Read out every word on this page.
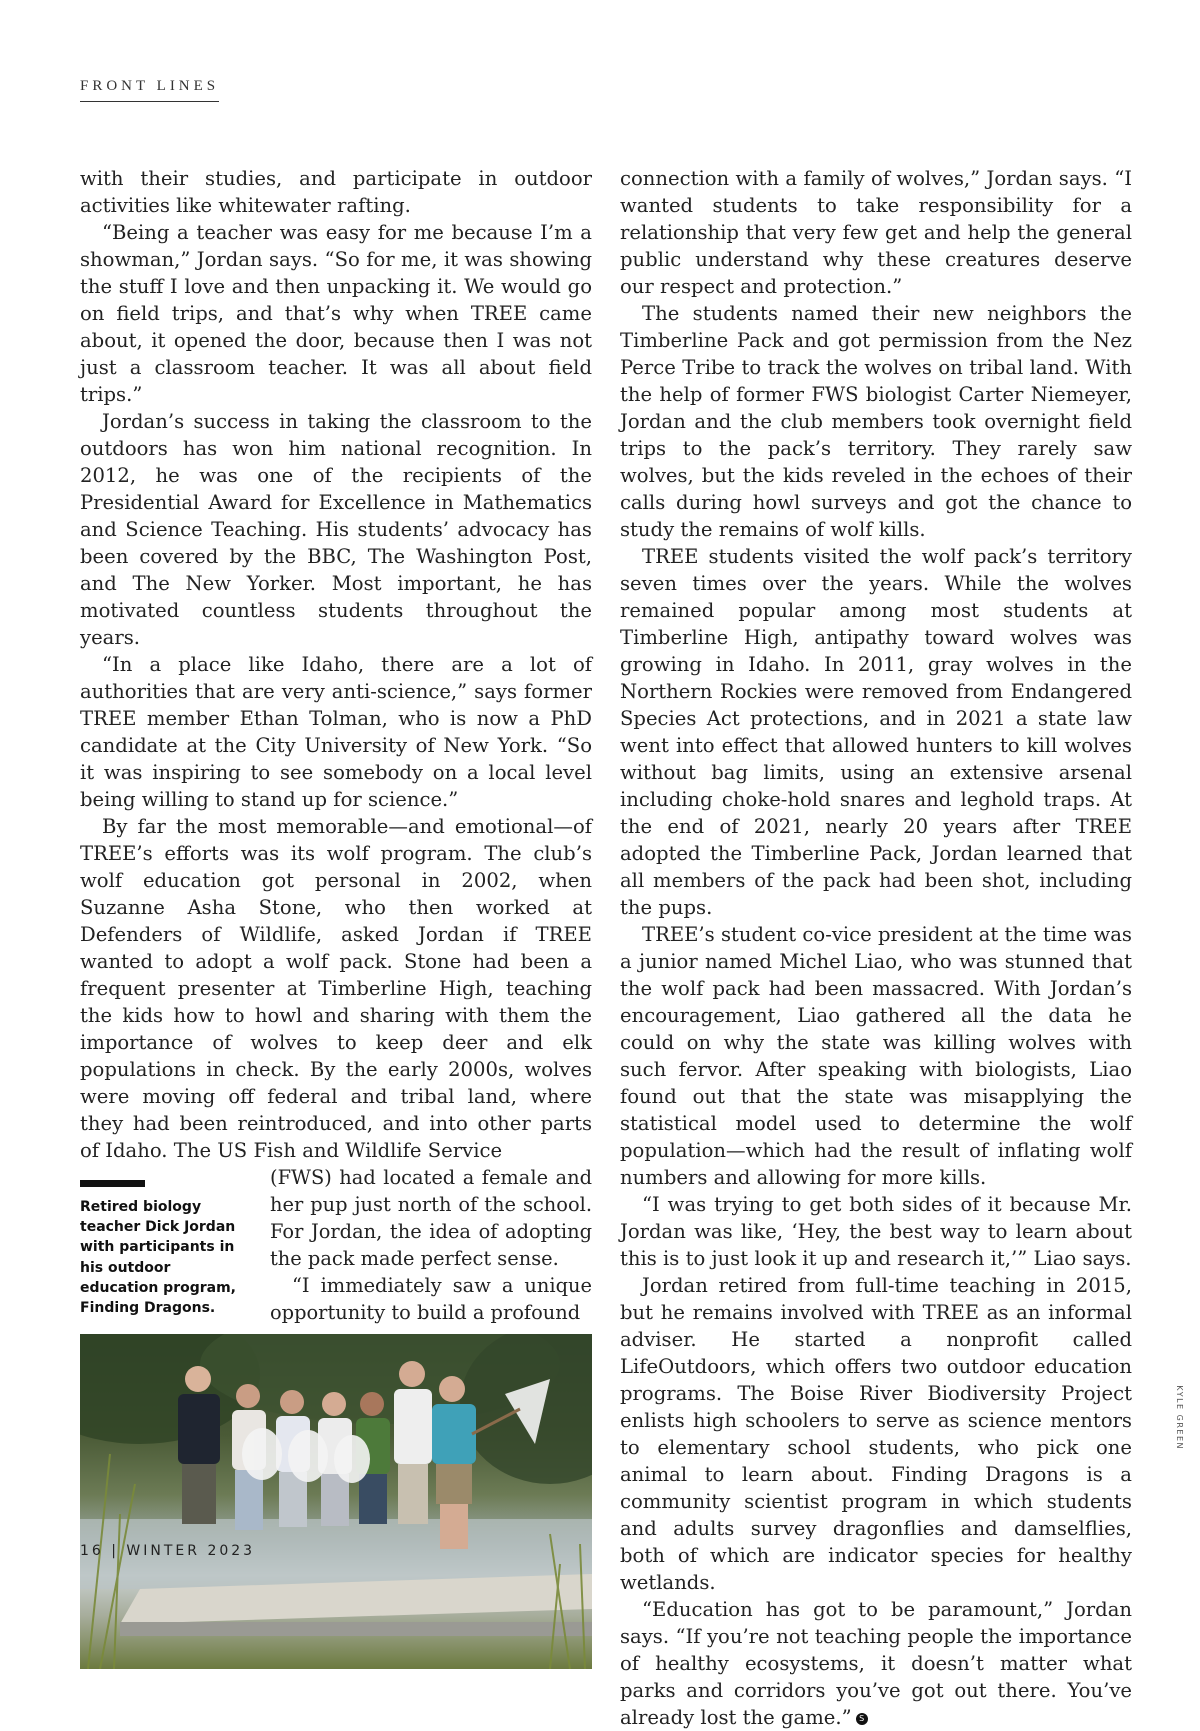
FRONT LINES

with their studies, and participate in outdoor activities like whitewater rafting.

“Being a teacher was easy for me because I’m a showman,” Jordan says. “So for me, it was showing the stuff I love and then unpacking it. We would go on field trips, and that’s why when TREE came about, it opened the door, because then I was not just a classroom teacher. It was all about field trips.”

Jordan’s success in taking the classroom to the outdoors has won him national recognition. In 2012, he was one of the recipients of the Presidential Award for Excellence in Mathematics and Science Teaching. His students’ advocacy has been covered by the BBC, The Washington Post, and The New Yorker. Most important, he has motivated countless students throughout the years.

“In a place like Idaho, there are a lot of authorities that are very anti-science,” says former TREE member Ethan Tolman, who is now a PhD candidate at the City University of New York. “So it was inspiring to see somebody on a local level being willing to stand up for science.”

By far the most memorable—and emotional—of TREE’s efforts was its wolf program. The club’s wolf education got personal in 2002, when Suzanne Asha Stone, who then worked at Defenders of Wildlife, asked Jordan if TREE wanted to adopt a wolf pack. Stone had been a frequent presenter at Timberline High, teaching the kids how to howl and sharing with them the importance of wolves to keep deer and elk populations in check. By the early 2000s, wolves were moving off federal and tribal land, where they had been reintroduced, and into other parts of Idaho. The US Fish and Wildlife Service

Retired biology teacher Dick Jordan with participants in his outdoor education program, Finding Dragons.

(FWS) had located a female and her pup just north of the school. For Jordan, the idea of adopting the pack made perfect sense.

“I immediately saw a unique opportunity to build a profound

connection with a family of wolves,” Jordan says. “I wanted students to take responsibility for a relationship that very few get and help the general public understand why these creatures deserve our respect and protection.”

The students named their new neighbors the Timberline Pack and got permission from the Nez Perce Tribe to track the wolves on tribal land. With the help of former FWS biologist Carter Niemeyer, Jordan and the club members took overnight field trips to the pack’s territory. They rarely saw wolves, but the kids reveled in the echoes of their calls during howl surveys and got the chance to study the remains of wolf kills.

TREE students visited the wolf pack’s territory seven times over the years. While the wolves remained popular among most students at Timberline High, antipathy toward wolves was growing in Idaho. In 2011, gray wolves in the Northern Rockies were removed from Endangered Species Act protections, and in 2021 a state law went into effect that allowed hunters to kill wolves without bag limits, using an extensive arsenal including choke-hold snares and leghold traps. At the end of 2021, nearly 20 years after TREE adopted the Timberline Pack, Jordan learned that all members of the pack had been shot, including the pups.

TREE’s student co-vice president at the time was a junior named Michel Liao, who was stunned that the wolf pack had been massacred. With Jordan’s encouragement, Liao gathered all the data he could on why the state was killing wolves with such fervor. After speaking with biologists, Liao found out that the state was misapplying the statistical model used to determine the wolf population—which had the result of inflating wolf numbers and allowing for more kills.

“I was trying to get both sides of it because Mr. Jordan was like, ‘Hey, the best way to learn about this is to just look it up and research it,’” Liao says.

Jordan retired from full-time teaching in 2015, but he remains involved with TREE as an informal adviser. He started a nonprofit called LifeOutdoors, which offers two outdoor education programs. The Boise River Biodiversity Project enlists high schoolers to serve as science mentors to elementary school students, who pick one animal to learn about. Finding Dragons is a community scientist program in which students and adults survey dragonflies and damselflies, both of which are indicator species for healthy wetlands.

“Education has got to be paramount,” Jordan says. “If you’re not teaching people the importance of healthy ecosystems, it doesn’t matter what parks and corridors you’ve got out there. You’ve already lost the game.” S

KYLE GREEN
16 | WINTER 2023
